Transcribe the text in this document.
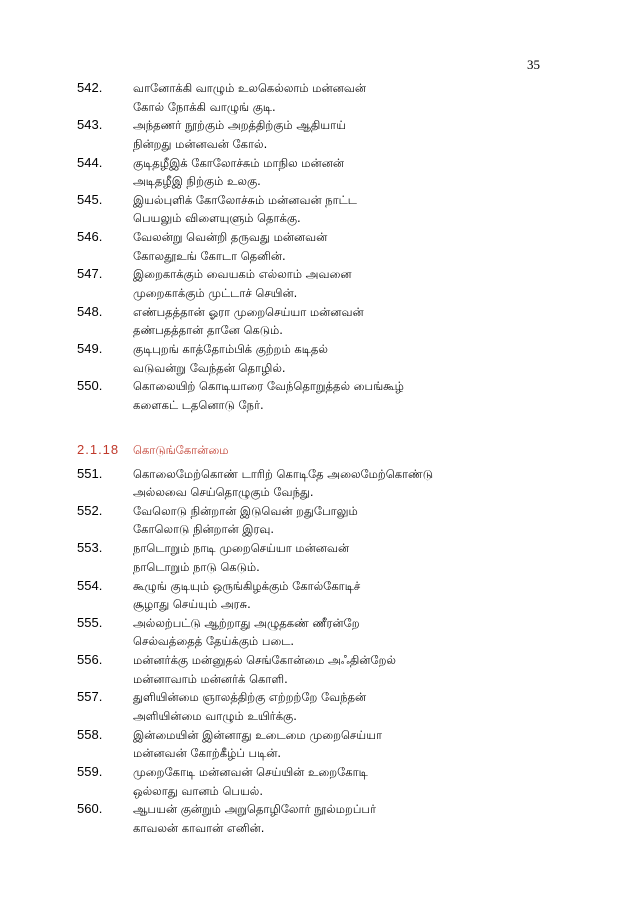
35
542.	வானோக்கி வாழும் உலகெல்லாம் மன்னவன்
கோல் நோக்கி வாழுங் குடி.
543.	அந்தணர் நூற்கும் அறத்திற்கும் ஆதியாய்
நின்றது மன்னவன் கோல்.
544.	குடிதழீஇக் கோலோச்சும் மாநில மன்னன்
அடிதழீஇ நிற்கும் உலகு.
545.	இயல்புளிக் கோலோச்சும் மன்னவன் நாட்ட
பெயலும் விளையுளும் தொக்கு.
546.	வேலன்று வென்றி தருவது மன்னவன்
கோலதூஉங் கோடா தெனின்.
547.	இறைகாக்கும் வையகம் எல்லாம் அவனை
முறைகாக்கும் முட்டாச் செயின்.
548.	எண்பதத்தான் ஓரா முறைசெய்யா மன்னவன்
தண்பதத்தான் தானே கெடும்.
549.	குடிபுறங் காத்தோம்பிக் குற்றம் கடிதல்
வடுவன்று வேந்தன் தொழில்.
550.	கொலையிற் கொடியாரை வேந்தொறுத்தல் பைங்கூழ்
களைகட் டதனொடு நேர்.
2.1.18 கொடுங்கோன்மை
551.	கொலைமேற்கொண் டாரிற் கொடிதே அலைமேற்கொண்டு
அல்லவை செய்தொழுகும் வேந்து.
552.	வேலொடு நின்றான் இடுவென் றதுபோலும்
கோலொடு நின்றான் இரவு.
553.	நாடொறும் நாடி முறைசெய்யா மன்னவன்
நாடொறும் நாடு கெடும்.
554.	கூழுங் குடியும் ஒருங்கிழக்கும் கோல்கோடிச்
சூழாது செய்யும் அரசு.
555.	அல்லற்பட்டு ஆற்றாது அழுதகண் ணீரன்றே
செல்வத்தைத் தேய்க்கும் படை.
556.	மன்னர்க்கு மன்னுதல் செங்கோன்மை அஃதின்றேல்
மன்னாவாம் மன்னர்க் கொளி.
557.	துளியின்மை ஞாலத்திற்கு எற்றற்றே வேந்தன்
அளியின்மை வாழும் உயிர்க்கு.
558.	இன்மையின் இன்னாது உடைமை முறைசெய்யா
மன்னவன் கோற்கீழ்ப் படின்.
559.	முறைகோடி மன்னவன் செய்யின் உறைகோடி
ஒல்லாது வானம் பெயல்.
560.	ஆபயன் குன்றும் அறுதொழிலோர் நூல்மறப்பர்
காவலன் காவான் எனின்.
